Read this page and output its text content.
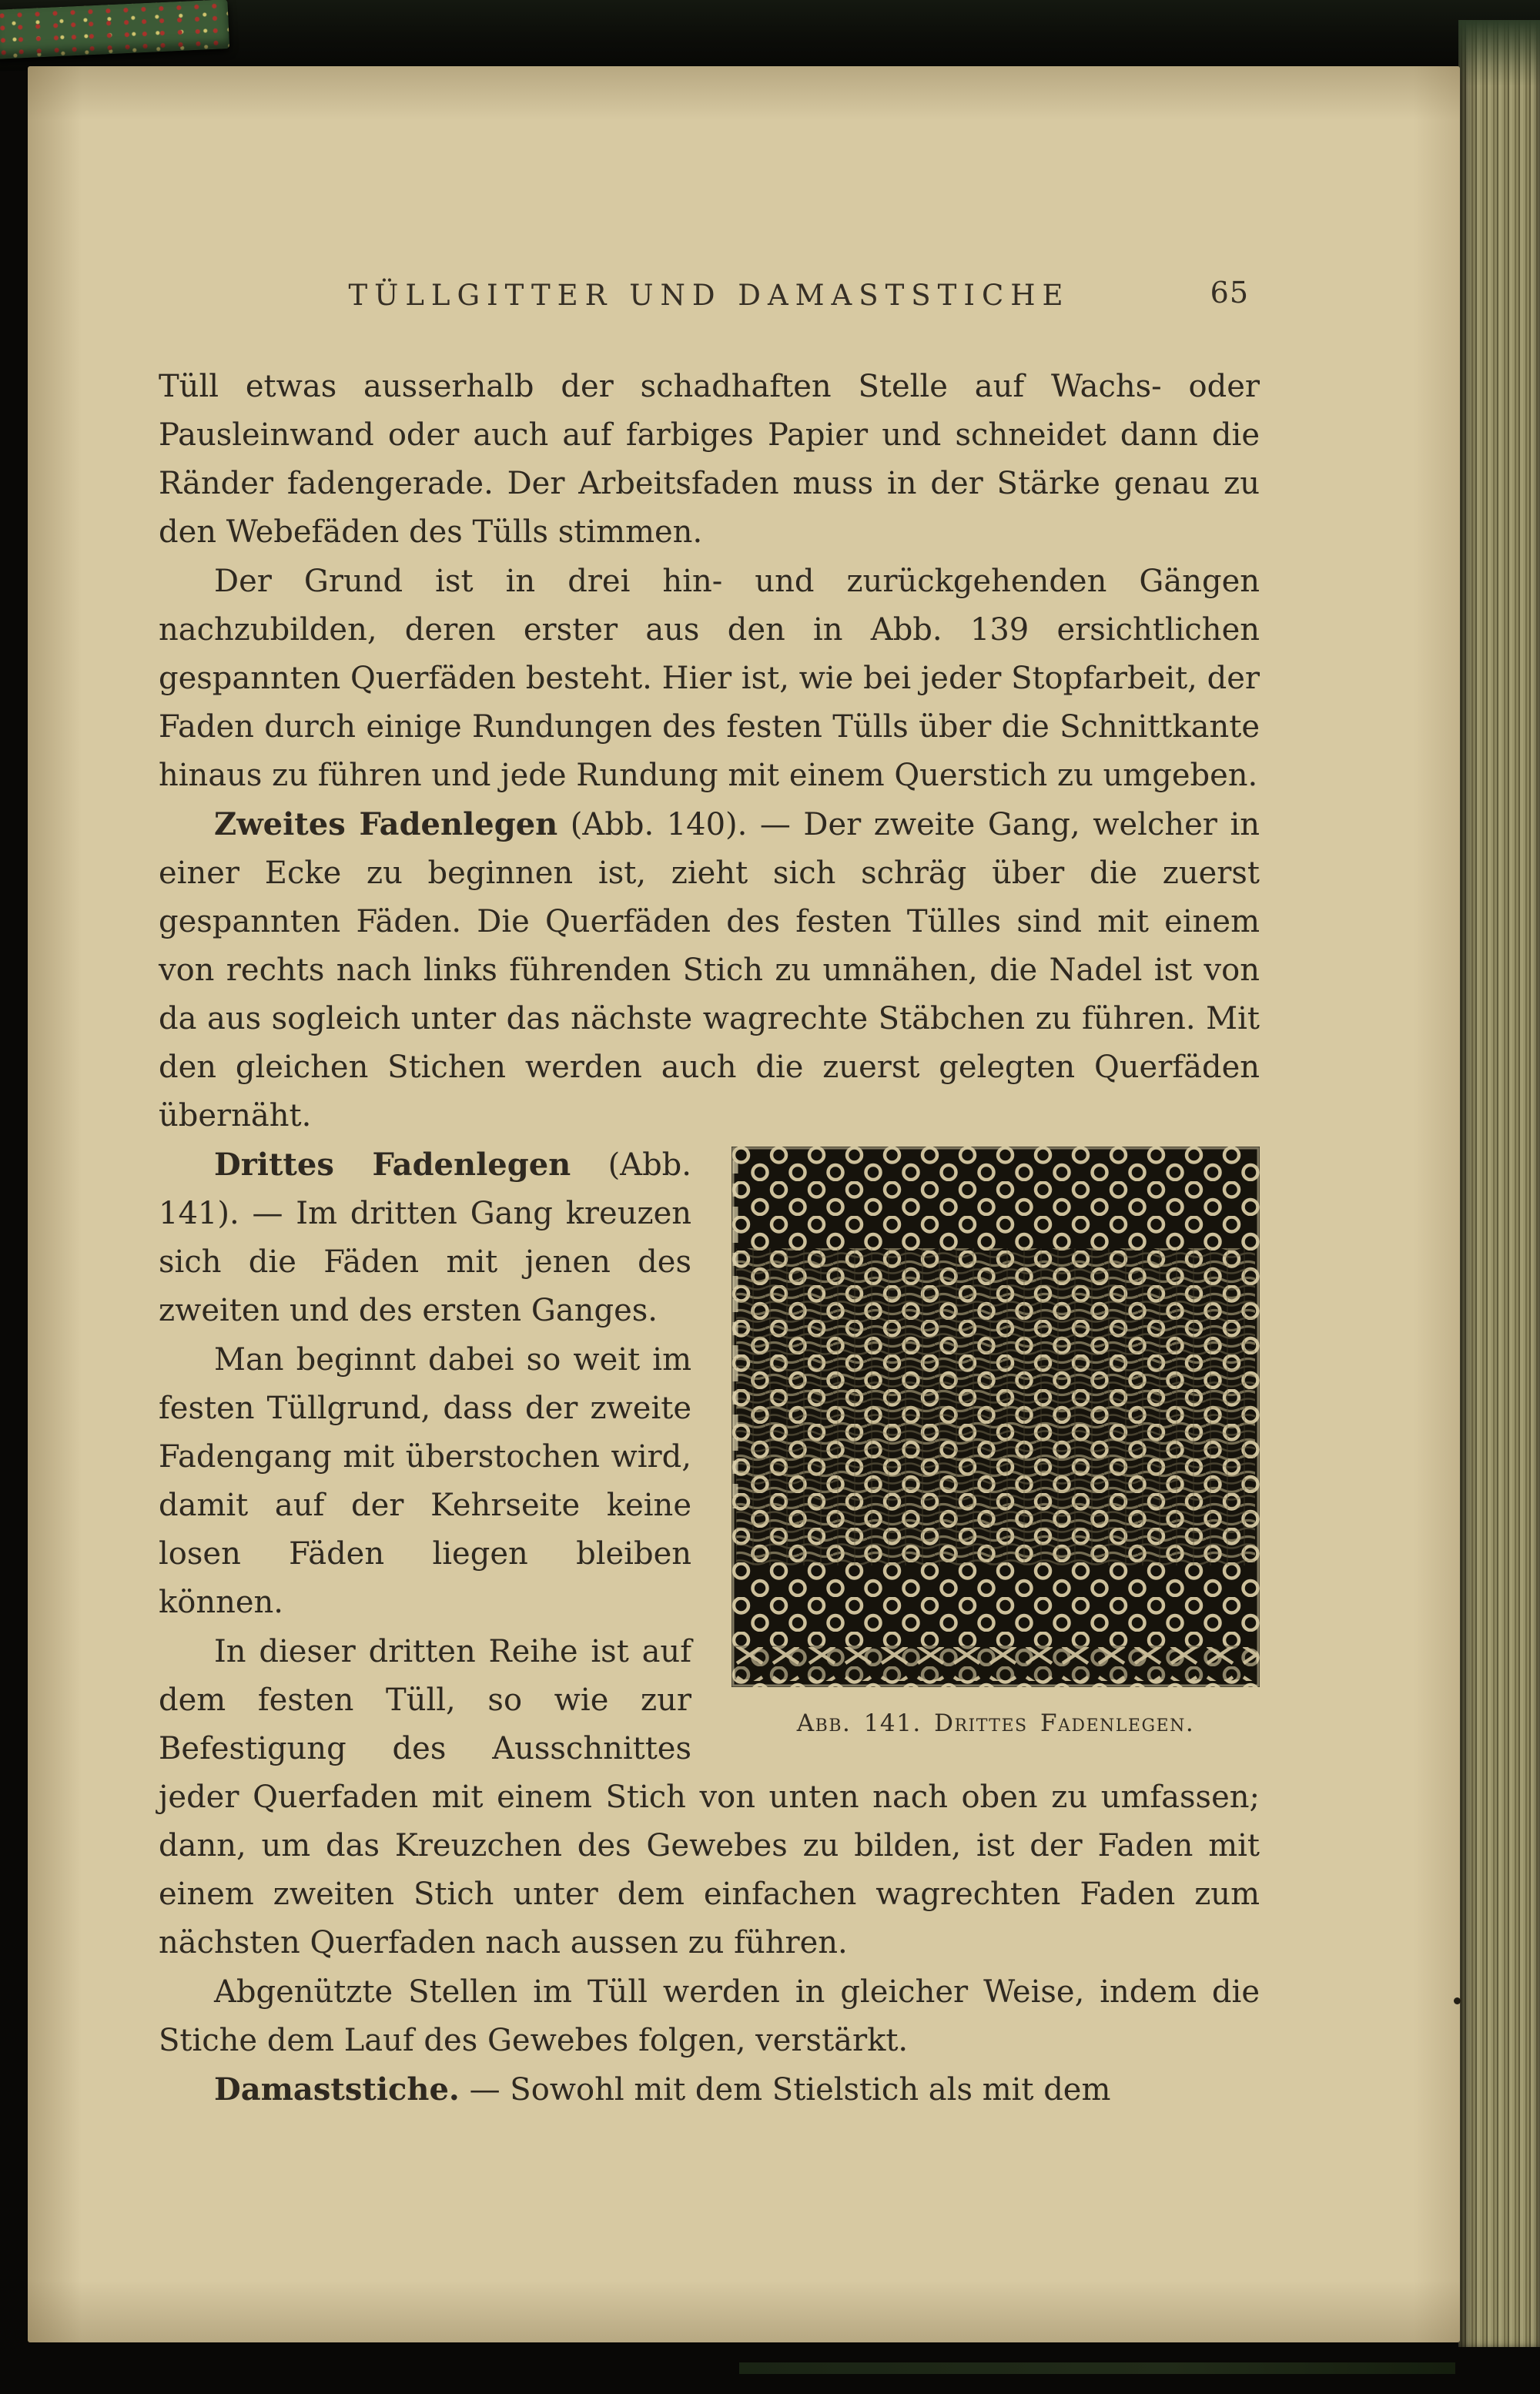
TÜLLGITTER UND DAMASTSTICHE	65

Tüll etwas ausserhalb der schadhaften Stelle auf Wachs- oder Pausleinwand oder auch auf farbiges Papier und schneidet dann die Ränder fadengerade. Der Arbeitsfaden muss in der Stärke genau zu den Webefäden des Tülls stimmen.

Der Grund ist in drei hin- und zurückgehenden Gängen nachzubilden, deren erster aus den in Abb. 139 ersichtlichen gespannten Querfäden besteht. Hier ist, wie bei jeder Stopfarbeit, der Faden durch einige Rundungen des festen Tülls über die Schnittkante hinaus zu führen und jede Rundung mit einem Querstich zu umgeben.

Zweites Fadenlegen (Abb. 140). — Der zweite Gang, welcher in einer Ecke zu beginnen ist, zieht sich schräg über die zuerst gespannten Fäden. Die Querfäden des festen Tülles sind mit einem von rechts nach links führenden Stich zu umnähen, die Nadel ist von da aus sogleich unter das nächste wagrechte Stäbchen zu führen. Mit den gleichen Stichen werden auch die zuerst gelegten Querfäden übernäht.

Abb. 141. Drittes Fadenlegen.

Drittes Fadenlegen (Abb. 141). — Im dritten Gang kreuzen sich die Fäden mit jenen des zweiten und des ersten Ganges.

Man beginnt dabei so weit im festen Tüllgrund, dass der zweite Fadengang mit überstochen wird, damit auf der Kehrseite keine losen Fäden liegen bleiben können.

In dieser dritten Reihe ist auf dem festen Tüll, so wie zur Befestigung des Ausschnittes jeder Querfaden mit einem Stich von unten nach oben zu umfassen; dann, um das Kreuzchen des Gewebes zu bilden, ist der Faden mit einem zweiten Stich unter dem einfachen wagrechten Faden zum nächsten Querfaden nach aussen zu führen.

Abgenützte Stellen im Tüll werden in gleicher Weise, indem die Stiche dem Lauf des Gewebes folgen, verstärkt.

Damaststiche. — Sowohl mit dem Stielstich als mit dem
